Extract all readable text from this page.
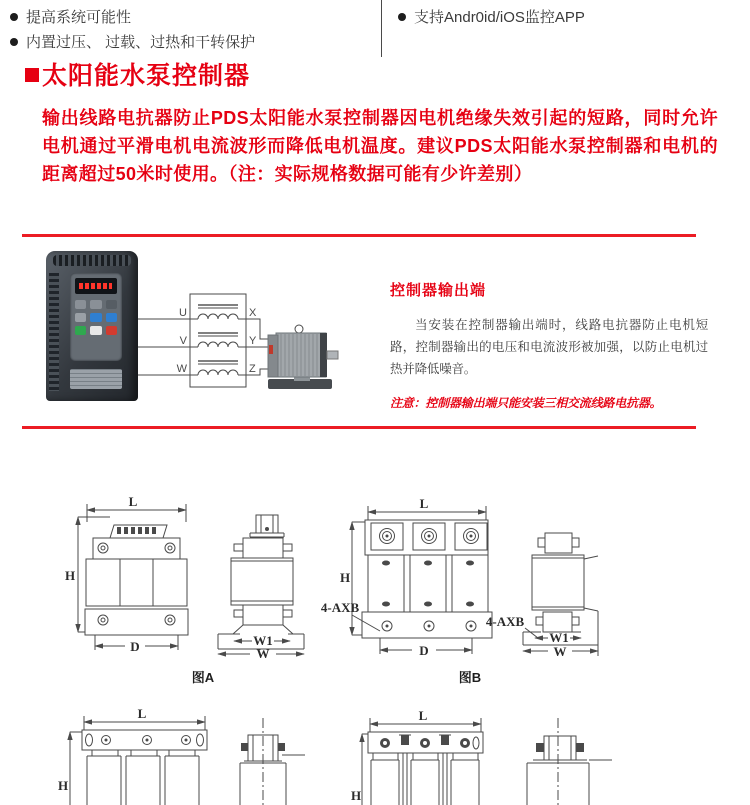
提高系统可能性
内置过压、 过载、过热和干转保护
支持Andr0id/iOS监控APP
太阳能水泵控制器

输出线路电抗器防止PDS太阳能水泵控制器因电机绝缘失效引起的短路，同时允许电机通过平滑电机电流波形而降低电机温度。建议PDS太阳能水泵控制器和电机的距离超过50米时使用。（注：实际规格数据可能有少许差别）

U
V
W
X
Y
Z
控制器输出端

当安装在控制器输出端时，线路电抗器防止电机短路，控制器输出的电压和电流波形被加强，以防止电机过热并降低噪音。

注意：控制器输出端只能安装三相交流线路电抗器。

L
H
D	W1
W
图A
L
H
D
4-AXB
图B
W1
W
4-AXB
L
H
L
H
